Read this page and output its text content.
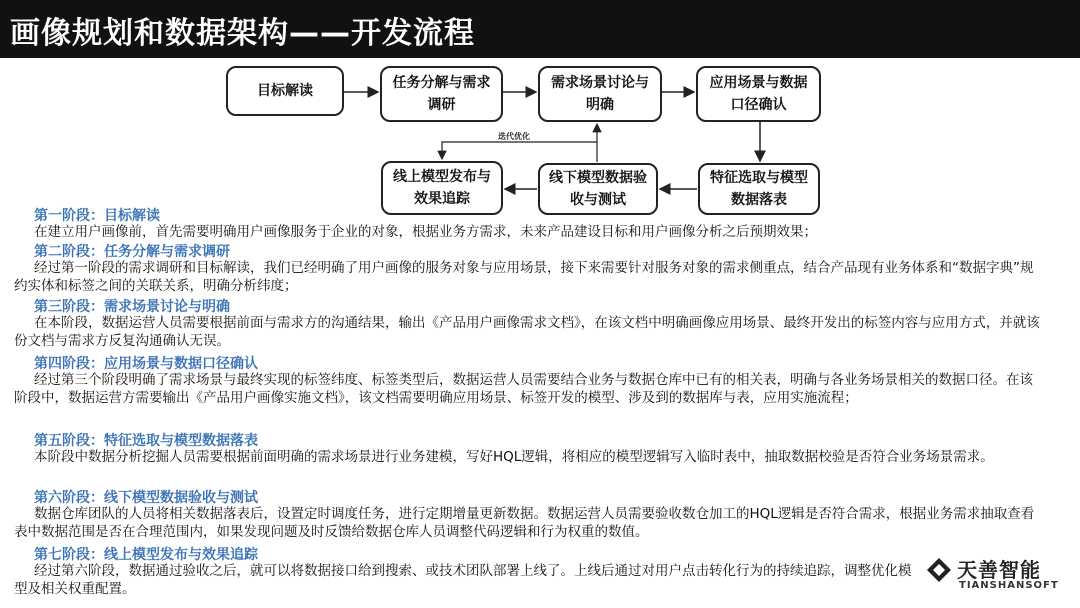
画像规划和数据架构——开发流程
目标解读	任务分解与需求调研
需求场景讨论与明确
应用场景与数据口径确认
特征选取与模型数据落表
线下模型数据验收与测试
线上模型发布与效果追踪
迭代优化
第一阶段：目标解读
在建立用户画像前，首先需要明确用户画像服务于企业的对象，根据业务方需求，未来产品建设目标和用户画像分析之后预期效果；
第二阶段：任务分解与需求调研
经过第一阶段的需求调研和目标解读，我们已经明确了用户画像的服务对象与应用场景，接下来需要针对服务对象的需求侧重点，结合产品现有业务体系和“数据字典”规约实体和标签之间的关联关系，明确分析纬度；
第三阶段：需求场景讨论与明确
在本阶段，数据运营人员需要根据前面与需求方的沟通结果，输出《产品用户画像需求文档》，在该文档中明确画像应用场景、最终开发出的标签内容与应用方式，并就该份文档与需求方反复沟通确认无误。
第四阶段：应用场景与数据口径确认
经过第三个阶段明确了需求场景与最终实现的标签纬度、标签类型后，数据运营人员需要结合业务与数据仓库中已有的相关表，明确与各业务场景相关的数据口径。在该阶段中，数据运营方需要输出《产品用户画像实施文档》，该文档需要明确应用场景、标签开发的模型、涉及到的数据库与表，应用实施流程；
第五阶段：特征选取与模型数据落表
本阶段中数据分析挖掘人员需要根据前面明确的需求场景进行业务建模，写好HQL逻辑，将相应的模型逻辑写入临时表中，抽取数据校验是否符合业务场景需求。
第六阶段：线下模型数据验收与测试
数据仓库团队的人员将相关数据落表后，设置定时调度任务，进行定期增量更新数据。数据运营人员需要验收数仓加工的HQL逻辑是否符合需求，根据业务需求抽取查看表中数据范围是否在合理范围内，如果发现问题及时反馈给数据仓库人员调整代码逻辑和行为权重的数值。
第七阶段：线上模型发布与效果追踪
经过第六阶段，数据通过验收之后，就可以将数据接口给到搜索、或技术团队部署上线了。上线后通过对用户点击转化行为的持续追踪，调整优化模型及相关权重配置。
天善智能
TIANSHANSOFT
